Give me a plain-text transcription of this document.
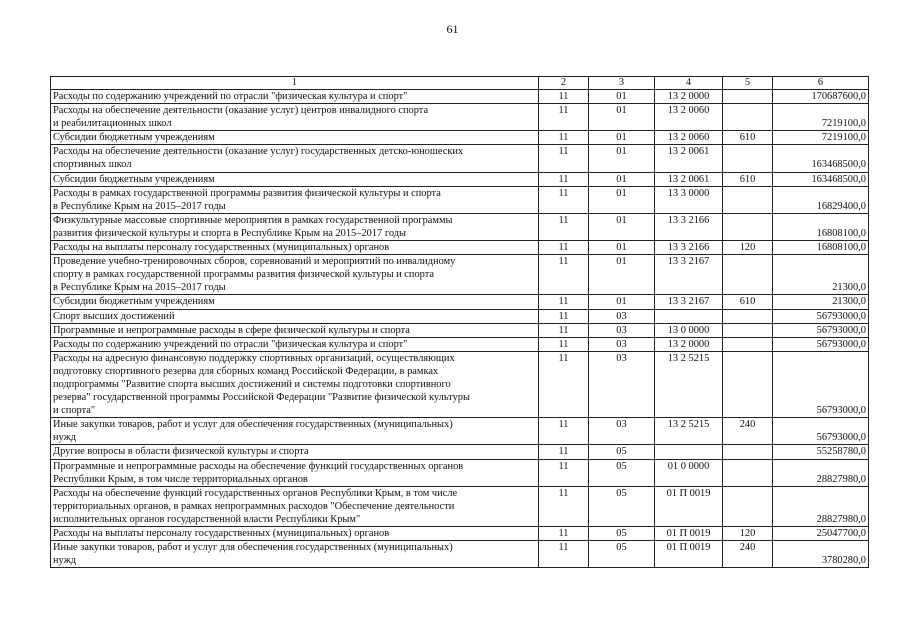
61
1	2	3	4	5	6

Расходы по содержанию учреждений по отрасли "физическая культура и спорт"	11	01	13 2 0000		170687600,0

Расходы на обеспечение деятельности (оказание услуг) центров инвалидного спорта
и реабилитационных школ	11	01	13 2 0060		7219100,0

Субсидии бюджетным учреждениям	11	01	13 2 0060	610	7219100,0

Расходы на обеспечение деятельности (оказание услуг) государственных детско-юношеских
спортивных школ	11	01	13 2 0061		163468500,0

Субсидии бюджетным учреждениям	11	01	13 2 0061	610	163468500,0

Расходы в рамках государственной программы развития физической культуры и спорта
в Республике Крым на 2015–2017 годы	11	01	13 3 0000		16829400,0

Физкультурные массовые спортивные мероприятия в рамках государственной программы
развития физической культуры и спорта в Республике Крым на 2015–2017 годы	11	01	13 3 2166		16808100,0

Расходы на выплаты персоналу государственных (муниципальных) органов	11	01	13 3 2166	120	16808100,0

Проведение учебно-тренировочных сборов, соревнований и мероприятий по инвалидному
спорту в рамках государственной программы развития физической культуры и спорта
в Республике Крым на 2015–2017 годы	11	01	13 3 2167		21300,0

Субсидии бюджетным учреждениям	11	01	13 3 2167	610	21300,0

Спорт высших достижений	11	03			56793000,0

Программные и непрограммные расходы в сфере физической культуры и спорта	11	03	13 0 0000		56793000,0

Расходы по содержанию учреждений по отрасли "физическая культура и спорт"	11	03	13 2 0000		56793000,0

Расходы на адресную финансовую поддержку спортивных организаций, осуществляющих
подготовку спортивного резерва для сборных команд Российской Федерации, в рамках
подпрограммы "Развитие спорта высших достижений и системы подготовки спортивного
резерва" государственной программы Российской Федерации "Развитие физической культуры
и спорта"	11	03	13 2 5215		56793000,0

Иные закупки товаров, работ и услуг для обеспечения государственных (муниципальных)
нужд	11	03	13 2 5215	240	56793000,0

Другие вопросы в области физической культуры и спорта	11	05			55258780,0

Программные и непрограммные расходы на обеспечение функций государственных органов
Республики Крым, в том числе территориальных органов	11	05	01 0 0000		28827980,0

Расходы на обеспечение функций государственных органов Республики Крым, в том числе
территориальных органов, в рамках непрограммных расходов "Обеспечение деятельности
исполнительных органов государственной власти Республики Крым"	11	05	01 П 0019		28827980,0

Расходы на выплаты персоналу государственных (муниципальных) органов	11	05	01 П 0019	120	25047700,0

Иные закупки товаров, работ и услуг для обеспечения государственных (муниципальных)
нужд	11	05	01 П 0019	240	3780280,0
